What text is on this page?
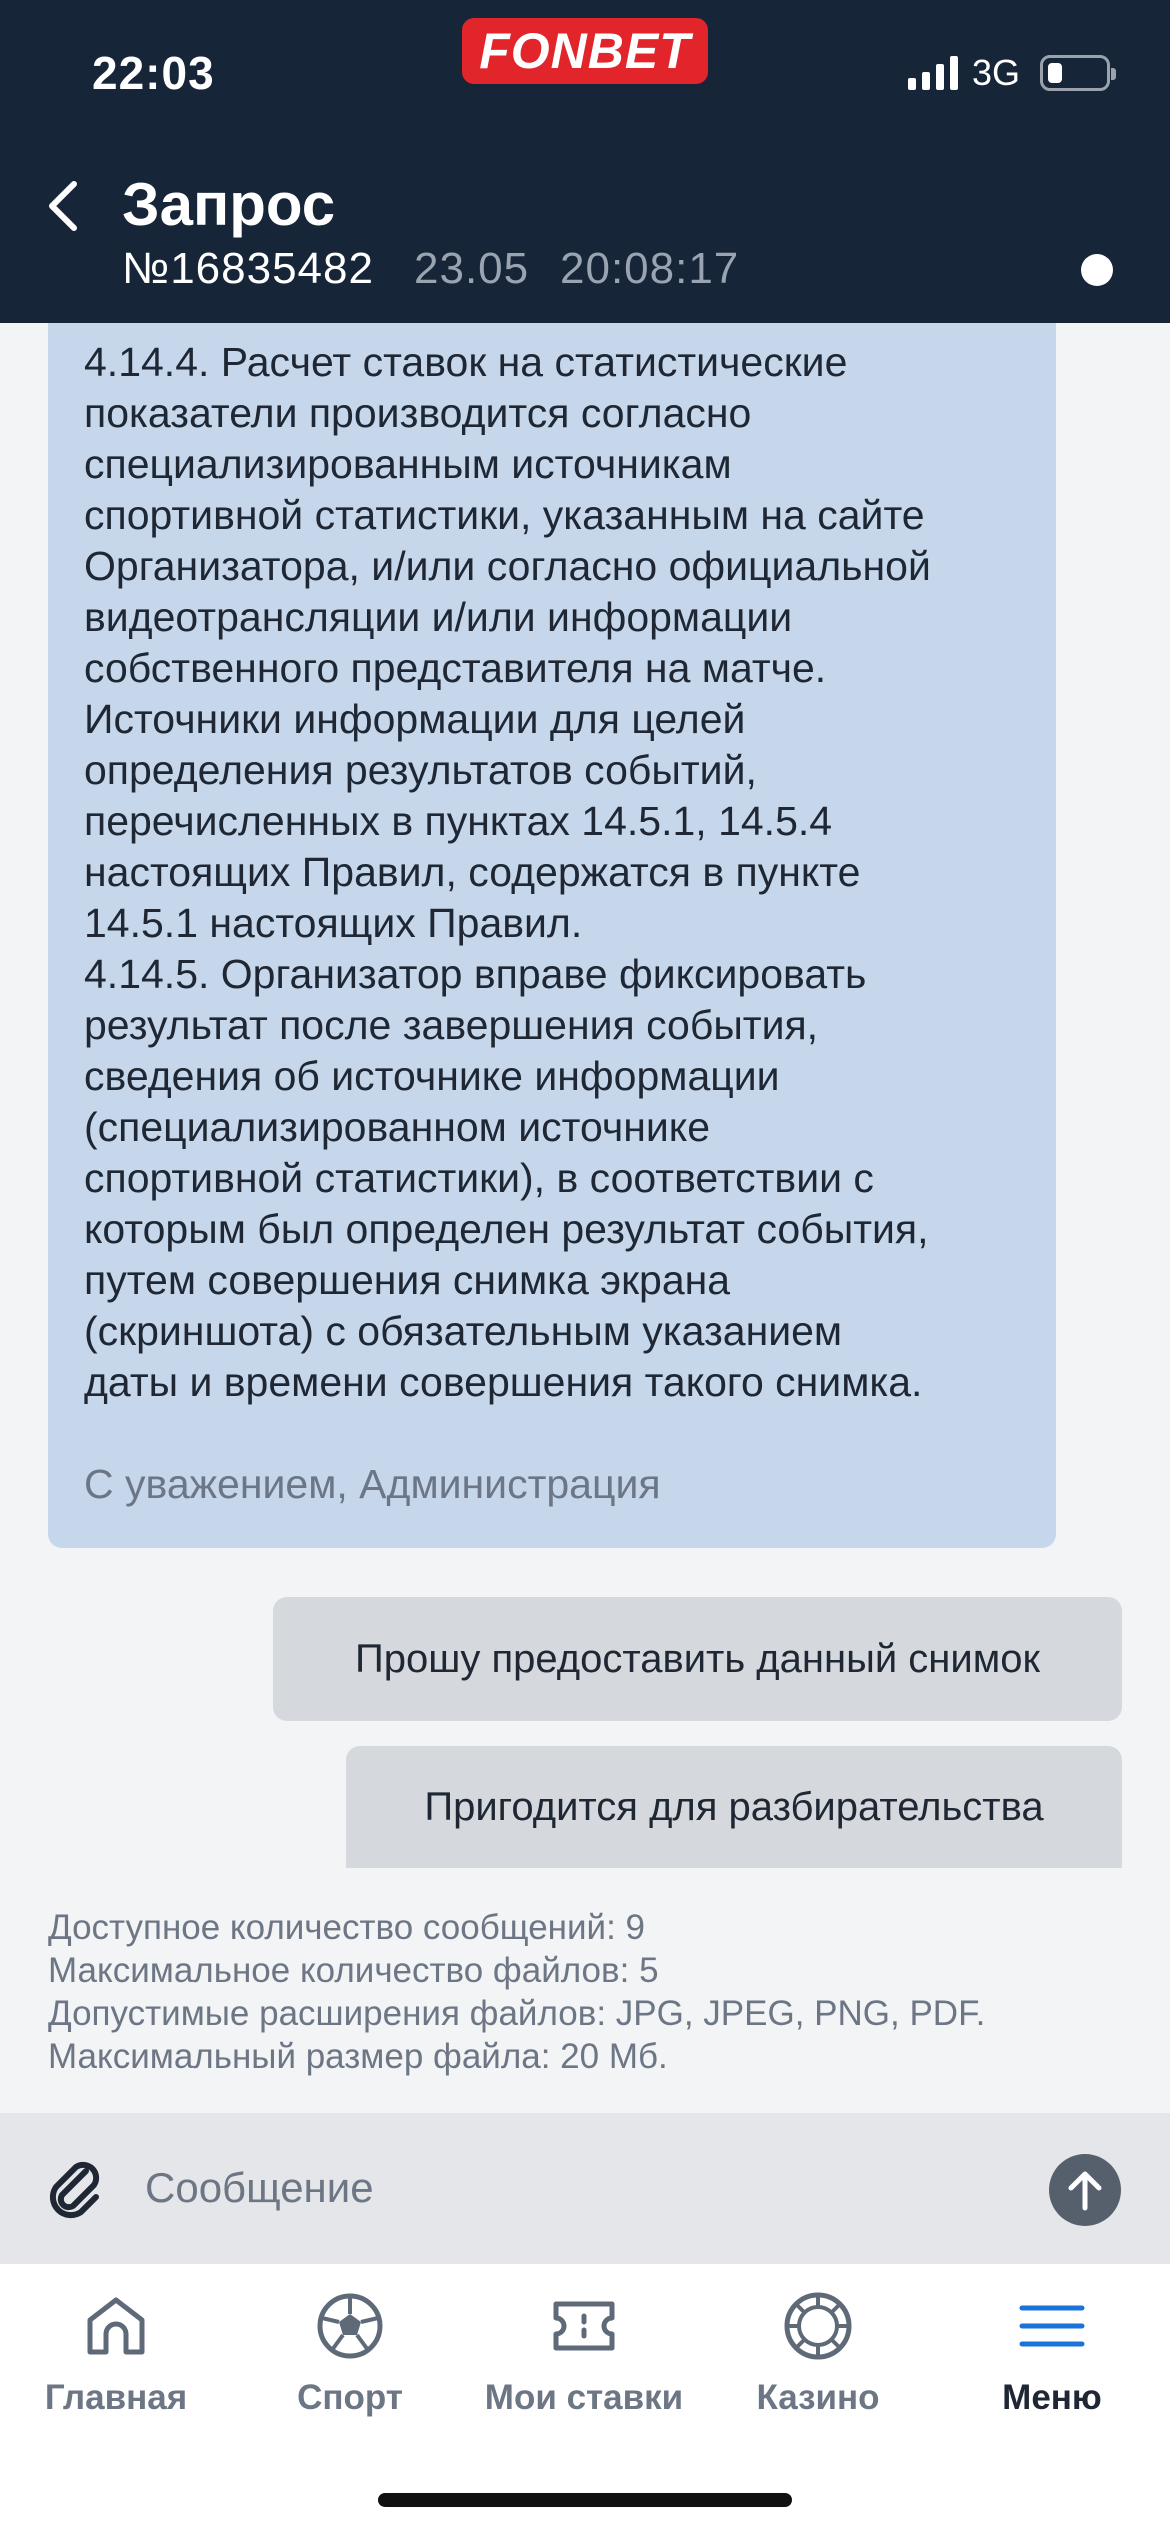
22:03	FONBET	3G
Запрос
№16835482 23.05 20:08:17
4.14.4. Расчет ставок на статистические
показатели производится согласно
специализированным источникам
спортивной статистики, указанным на сайте
Организатора, и/или согласно официальной
видеотрансляции и/или информации
собственного представителя на матче.
Источники информации для целей
определения результатов событий,
перечисленных в пунктах 14.5.1, 14.5.4
настоящих Правил, содержатся в пункте
14.5.1 настоящих Правил.
4.14.5. Организатор вправе фиксировать
результат после завершения события,
сведения об источнике информации
(специализированном источнике
спортивной статистики), в соответствии с
которым был определен результат события,
путем совершения снимка экрана
(скриншота) с обязательным указанием
даты и времени совершения такого снимка.
С уважением, Администрация
Прошу предоставить данный снимок
Пригодится для разбирательства
Доступное количество сообщений: 9
Максимальное количество файлов: 5
Допустимые расширения файлов: JPG, JPEG, PNG, PDF.
Максимальный размер файла: 20 Мб.
Сообщение
Главная	Спорт Мои ставки Казино	Меню
